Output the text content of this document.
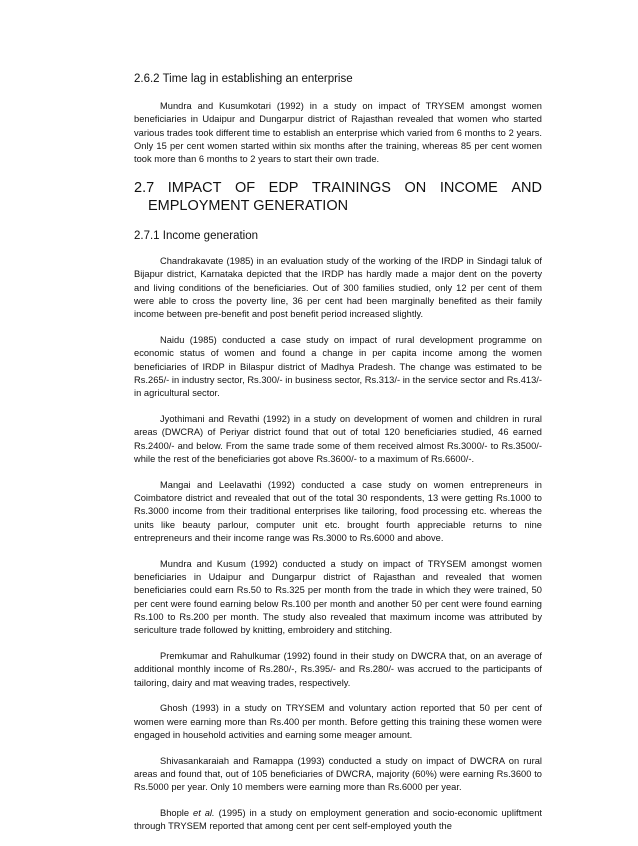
2.6.2 Time lag in establishing an enterprise

Mundra and Kusumkotari (1992) in a study on impact of TRYSEM amongst women beneficiaries in Udaipur and Dungarpur district of Rajasthan revealed that women who started various trades took different time to establish an enterprise which varied from 6 months to 2 years. Only 15 per cent women started within six months after the training, whereas 85 per cent women took more than 6 months to 2 years to start their own trade.

2.7 IMPACT OF EDP TRAININGS ON INCOME AND
EMPLOYMENT GENERATION
2.7.1 Income generation

Chandrakavate (1985) in an evaluation study of the working of the IRDP in Sindagi taluk of Bijapur district, Karnataka depicted that the IRDP has hardly made a major dent on the poverty and living conditions of the beneficiaries. Out of 300 families studied, only 12 per cent of them were able to cross the poverty line, 36 per cent had been marginally benefited as their family income between pre-benefit and post benefit period increased slightly.

Naidu (1985) conducted a case study on impact of rural development programme on economic status of women and found a change in per capita income among the women beneficiaries of IRDP in Bilaspur district of Madhya Pradesh. The change was estimated to be Rs.265/- in industry sector, Rs.300/- in business sector, Rs.313/- in the service sector and Rs.413/- in agricultural sector.

Jyothimani and Revathi (1992) in a study on development of women and children in rural areas (DWCRA) of Periyar district found that out of total 120 beneficiaries studied, 46 earned Rs.2400/- and below. From the same trade some of them received almost Rs.3000/- to Rs.3500/- while the rest of the beneficiaries got above Rs.3600/- to a maximum of Rs.6600/-.

Mangai and Leelavathi (1992) conducted a case study on women entrepreneurs in Coimbatore district and revealed that out of the total 30 respondents, 13 were getting Rs.1000 to Rs.3000 income from their traditional enterprises like tailoring, food processing etc. whereas the units like beauty parlour, computer unit etc. brought fourth appreciable returns to nine entrepreneurs and their income range was Rs.3000 to Rs.6000 and above.

Mundra and Kusum (1992) conducted a study on impact of TRYSEM amongst women beneficiaries in Udaipur and Dungarpur district of Rajasthan and revealed that women beneficiaries could earn Rs.50 to Rs.325 per month from the trade in which they were trained, 50 per cent were found earning below Rs.100 per month and another 50 per cent were found earning Rs.100 to Rs.200 per month. The study also revealed that maximum income was attributed by sericulture trade followed by knitting, embroidery and stitching.

Premkumar and Rahulkumar (1992) found in their study on DWCRA that, on an average of additional monthly income of Rs.280/-, Rs.395/- and Rs.280/- was accrued to the participants of tailoring, dairy and mat weaving trades, respectively.

Ghosh (1993) in a study on TRYSEM and voluntary action reported that 50 per cent of women were earning more than Rs.400 per month. Before getting this training these women were engaged in household activities and earning some meager amount.

Shivasankaraiah and Ramappa (1993) conducted a study on impact of DWCRA on rural areas and found that, out of 105 beneficiaries of DWCRA, majority (60%) were earning Rs.3600 to Rs.5000 per year. Only 10 members were earning more than Rs.6000 per year.

Bhople et al. (1995) in a study on employment generation and socio-economic upliftment through TRYSEM reported that among cent per cent self-employed youth the
